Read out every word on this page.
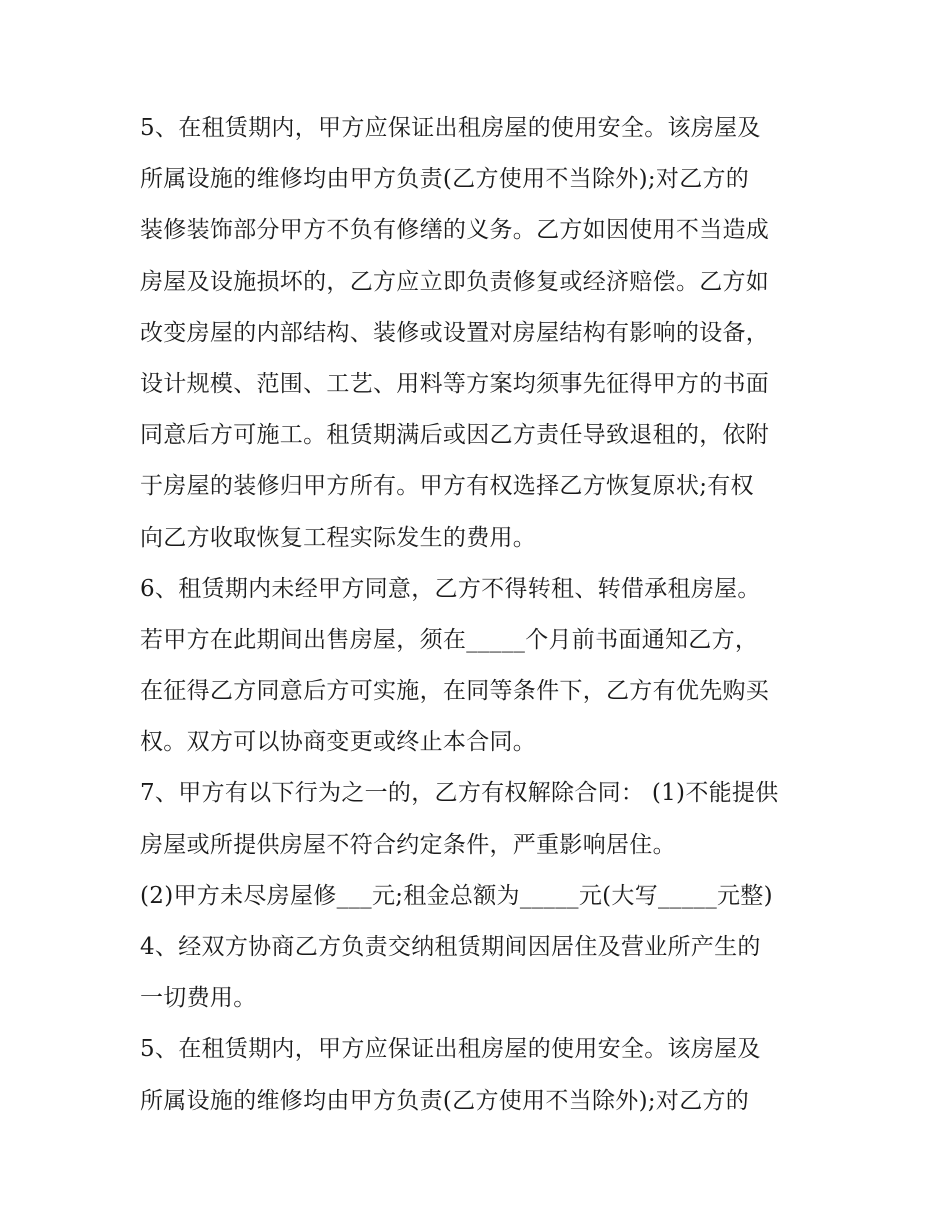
5、在租赁期内，甲方应保证出租房屋的使用安全。该房屋及
所属设施的维修均由甲方负责(乙方使用不当除外);对乙方的
装修装饰部分甲方不负有修缮的义务。乙方如因使用不当造成
房屋及设施损坏的，乙方应立即负责修复或经济赔偿。乙方如
改变房屋的内部结构、装修或设置对房屋结构有影响的设备，
设计规模、范围、工艺、用料等方案均须事先征得甲方的书面
同意后方可施工。租赁期满后或因乙方责任导致退租的，依附
于房屋的装修归甲方所有。甲方有权选择乙方恢复原状;有权
向乙方收取恢复工程实际发生的费用。
6、租赁期内未经甲方同意，乙方不得转租、转借承租房屋。
若甲方在此期间出售房屋，须在_____个月前书面通知乙方，
在征得乙方同意后方可实施，在同等条件下，乙方有优先购买
权。双方可以协商变更或终止本合同。
7、甲方有以下行为之一的，乙方有权解除合同： (1)不能提供
房屋或所提供房屋不符合约定条件，严重影响居住。
(2)甲方未尽房屋修___元;租金总额为_____元(大写_____元整)
4、经双方协商乙方负责交纳租赁期间因居住及营业所产生的
一切费用。
5、在租赁期内，甲方应保证出租房屋的使用安全。该房屋及
所属设施的维修均由甲方负责(乙方使用不当除外);对乙方的
